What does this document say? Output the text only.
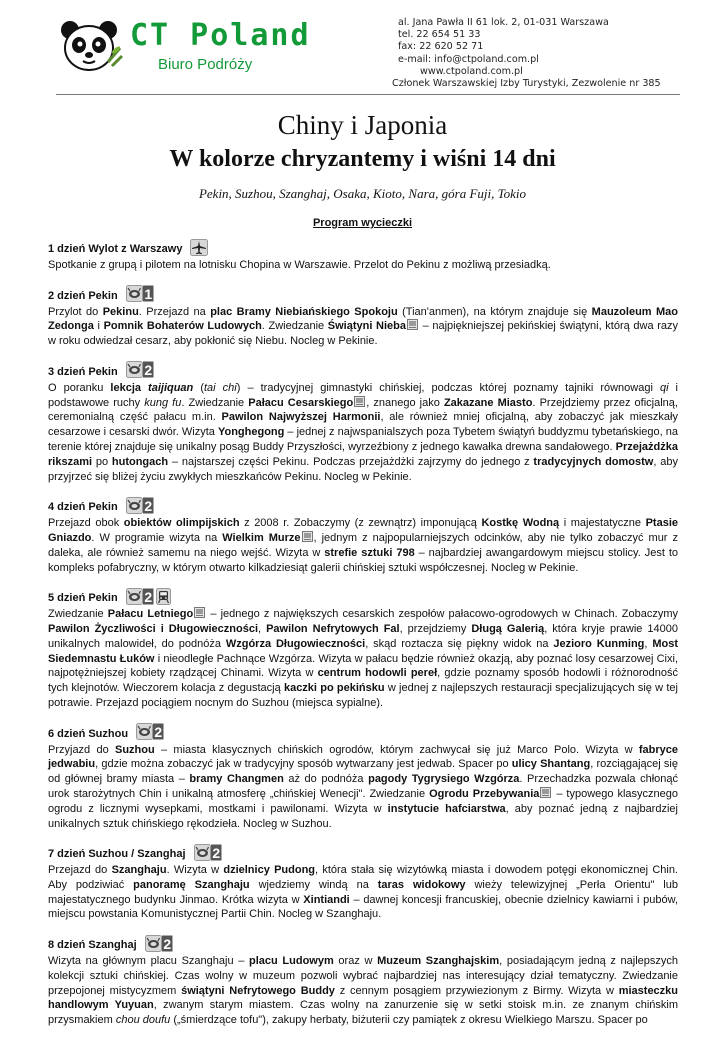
CT Poland
Biuro Podróży
al. Jana Pawła II 61 lok. 2, 01-031 Warszawa
tel. 22 654 51 33
fax: 22 620 52 71
e-mail: info@ctpoland.com.pl
www.ctpoland.com.pl
Członek Warszawskiej Izby Turystyki, Zezwolenie nr 385
Chiny i Japonia
W kolorze chryzantemy i wiśni 14 dni
Pekin, Suzhou, Szanghaj, Osaka, Kioto, Nara, góra Fuji, Tokio
Program wycieczki
1 dzień Wylot z Warszawy
Spotkanie z grupą i pilotem na lotnisku Chopina w Warszawie. Przelot do Pekinu z możliwą przesiadką.
2 dzień Pekin 1
Przylot do Pekinu. Przejazd na plac Bramy Niebiańskiego Spokoju (Tian'anmen), na którym znajduje się Mauzoleum Mao Zedonga i Pomnik Bohaterów Ludowych. Zwiedzanie Świątyni Nieba – najpiękniejszej pekińskiej świątyni, którą dwa razy w roku odwiedzał cesarz, aby pokłonić się Niebu. Nocleg w Pekinie.
3 dzień Pekin 2
O poranku lekcja taijiquan (tai chi) – tradycyjnej gimnastyki chińskiej, podczas której poznamy tajniki równowagi qi i podstawowe ruchy kung fu. Zwiedzanie Pałacu Cesarskiego , znanego jako Zakazane Miasto. Przejdziemy przez oficjalną, ceremonialną część pałacu m.in. Pawilon Najwyższej Harmonii, ale również mniej oficjalną, aby zobaczyć jak mieszkały cesarzowe i cesarski dwór. Wizyta Yonghegong – jednej z najwspanialszych poza Tybetem świątyń buddyzmu tybetańskiego, na terenie której znajduje się unikalny posąg Buddy Przyszłości, wyrzeźbiony z jednego kawałka drewna sandałowego. Przejażdżka rikszami po hutongach – najstarszej części Pekinu. Podczas przejażdżki zajrzymy do jednego z tradycyjnych domostw, aby przyjrzeć się bliżej życiu zwykłych mieszkańców Pekinu. Nocleg w Pekinie.
4 dzień Pekin 2
Przejazd obok obiektów olimpijskich z 2008 r. Zobaczymy (z zewnątrz) imponującą Kostkę Wodną i majestatyczne Ptasie Gniazdo. W programie wizyta na Wielkim Murze , jednym z najpopularniejszych odcinków, aby nie tylko zobaczyć mur z daleka, ale również samemu na niego wejść. Wizyta w strefie sztuki 798 – najbardziej awangardowym miejscu stolicy. Jest to kompleks pofabryczny, w którym otwarto kilkadziesiąt galerii chińskiej sztuki współczesnej. Nocleg w Pekinie.
5 dzień Pekin 2
Zwiedzanie Pałacu Letniego – jednego z największych cesarskich zespołów pałacowo-ogrodowych w Chinach. Zobaczymy Pawilon Życzliwości i Długowieczności, Pawilon Nefrytowych Fal, przejdziemy Długą Galerią, która kryje prawie 14000 unikalnych malowideł, do podnóża Wzgórza Długowieczności, skąd roztacza się piękny widok na Jezioro Kunming, Most Siedemnastu Łuków i nieodległe Pachnące Wzgórza. Wizyta w pałacu będzie również okazją, aby poznać losy cesarzowej Cixi, najpotężniejszej kobiety rządzącej Chinami. Wizyta w centrum hodowli pereł, gdzie poznamy sposób hodowli i różnorodność tych klejnotów. Wieczorem kolacja z degustacją kaczki po pekińsku w jednej z najlepszych restauracji specjalizujących się w tej potrawie. Przejazd pociągiem nocnym do Suzhou (miejsca sypialne).
6 dzień Suzhou 2
Przyjazd do Suzhou – miasta klasycznych chińskich ogrodów, którym zachwycał się już Marco Polo. Wizyta w fabryce jedwabiu, gdzie można zobaczyć jak w tradycyjny sposób wytwarzany jest jedwab. Spacer po ulicy Shantang, rozciągającej się od głównej bramy miasta – bramy Changmen aż do podnóża pagody Tygrysiego Wzgórza. Przechadzka pozwala chłonąć urok starożytnych Chin i unikalną atmosferę „chińskiej Wenecji". Zwiedzanie Ogrodu Przebywania – typowego klasycznego ogrodu z licznymi wysepkami, mostkami i pawilonami. Wizyta w instytucie hafciarstwa, aby poznać jedną z najbardziej unikalnych sztuk chińskiego rękodzieła. Nocleg w Suzhou.
7 dzień Suzhou / Szanghaj 2
Przejazd do Szanghaju. Wizyta w dzielnicy Pudong, która stała się wizytówką miasta i dowodem potęgi ekonomicznej Chin. Aby podziwiać panoramę Szanghaju wjedziemy windą na taras widokowy wieży telewizyjnej „Perła Orientu" lub majestatycznego budynku Jinmao. Krótka wizyta w Xintiandi – dawnej koncesji francuskiej, obecnie dzielnicy kawiarni i pubów, miejscu powstania Komunistycznej Partii Chin. Nocleg w Szanghaju.
8 dzień Szanghaj 2
Wizyta na głównym placu Szanghaju – placu Ludowym oraz w Muzeum Szanghajskim, posiadającym jedną z najlepszych kolekcji sztuki chińskiej. Czas wolny w muzeum pozwoli wybrać najbardziej nas interesujący dział tematyczny. Zwiedzanie przepojonej mistycyzmem świątyni Nefrytowego Buddy z cennym posągiem przywiezionym z Birmy. Wizyta w miasteczku handlowym Yuyuan, zwanym starym miastem. Czas wolny na zanurzenie się w setki stoisk m.in. ze znanym chińskim przysmakiem chou doufu („śmierdzące tofu"), zakupy herbaty, biżuterii czy pamiątek z okresu Wielkiego Marszu. Spacer po
